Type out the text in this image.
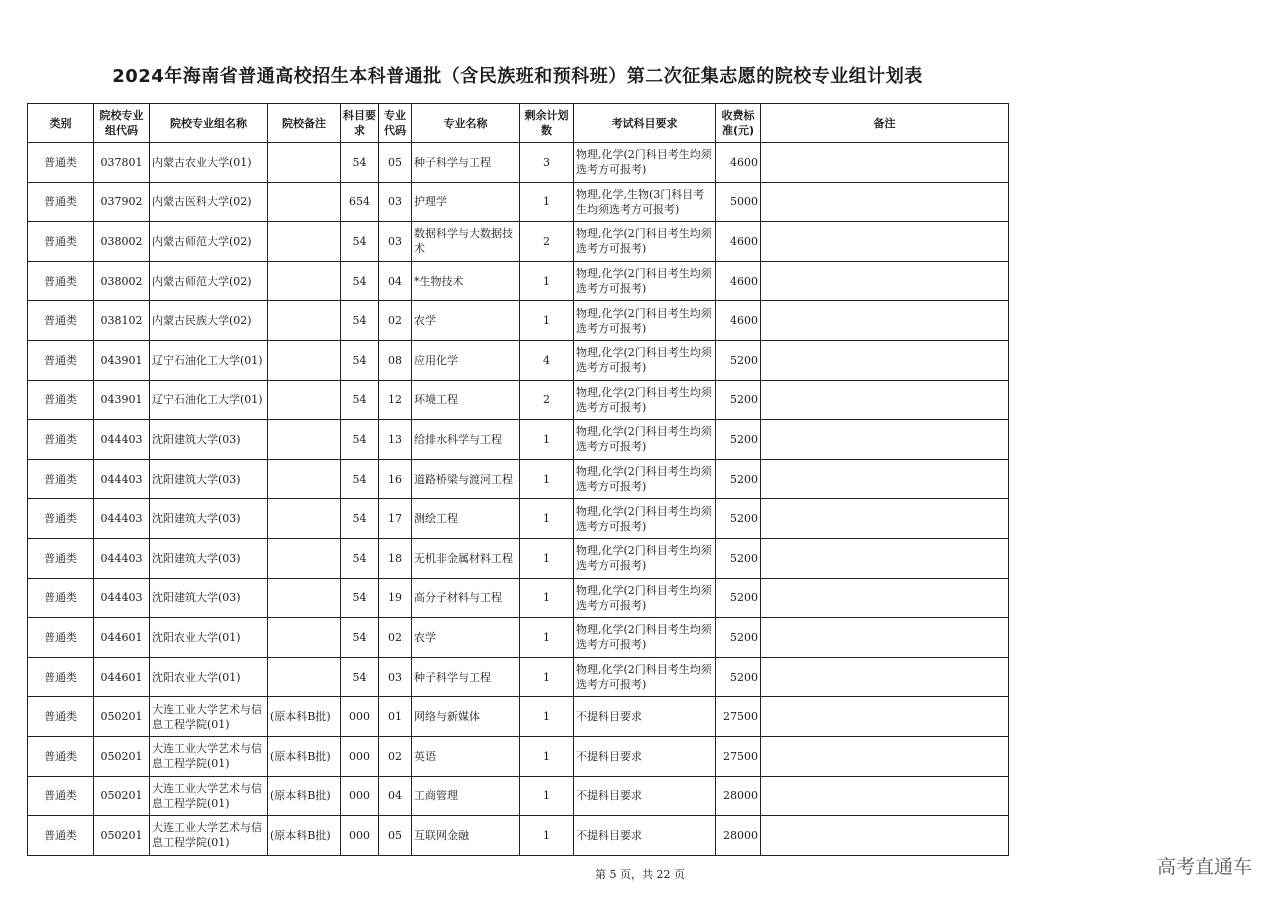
2024年海南省普通高校招生本科普通批（含民族班和预科班）第二次征集志愿的院校专业组计划表
类别	院校专业组代码	院校专业组名称	院校备注	科目要求	专业代码	专业名称	剩余计划数	考试科目要求	收费标准(元)	备注
普通类	037801	内蒙古农业大学(01)		54	05	种子科学与工程	3	物理,化学(2门科目考生均须选考方可报考)	4600	
普通类	037902	内蒙古医科大学(02)		654	03	护理学	1	物理,化学,生物(3门科目考生均须选考方可报考)	5000	
普通类	038002	内蒙古师范大学(02)		54	03	数据科学与大数据技术	2	物理,化学(2门科目考生均须选考方可报考)	4600	
普通类	038002	内蒙古师范大学(02)		54	04	*生物技术	1	物理,化学(2门科目考生均须选考方可报考)	4600	
普通类	038102	内蒙古民族大学(02)		54	02	农学	1	物理,化学(2门科目考生均须选考方可报考)	4600	
普通类	043901	辽宁石油化工大学(01)		54	08	应用化学	4	物理,化学(2门科目考生均须选考方可报考)	5200	
普通类	043901	辽宁石油化工大学(01)		54	12	环境工程	2	物理,化学(2门科目考生均须选考方可报考)	5200	
普通类	044403	沈阳建筑大学(03)		54	13	给排水科学与工程	1	物理,化学(2门科目考生均须选考方可报考)	5200	
普通类	044403	沈阳建筑大学(03)		54	16	道路桥梁与渡河工程	1	物理,化学(2门科目考生均须选考方可报考)	5200	
普通类	044403	沈阳建筑大学(03)		54	17	测绘工程	1	物理,化学(2门科目考生均须选考方可报考)	5200	
普通类	044403	沈阳建筑大学(03)		54	18	无机非金属材料工程	1	物理,化学(2门科目考生均须选考方可报考)	5200	
普通类	044403	沈阳建筑大学(03)		54	19	高分子材料与工程	1	物理,化学(2门科目考生均须选考方可报考)	5200	
普通类	044601	沈阳农业大学(01)		54	02	农学	1	物理,化学(2门科目考生均须选考方可报考)	5200	
普通类	044601	沈阳农业大学(01)		54	03	种子科学与工程	1	物理,化学(2门科目考生均须选考方可报考)	5200	
普通类	050201	大连工业大学艺术与信息工程学院(01)	(原本科B批)	000	01	网络与新媒体	1	不提科目要求	27500	
普通类	050201	大连工业大学艺术与信息工程学院(01)	(原本科B批)	000	02	英语	1	不提科目要求	27500	
普通类	050201	大连工业大学艺术与信息工程学院(01)	(原本科B批)	000	04	工商管理	1	不提科目要求	28000	
普通类	050201	大连工业大学艺术与信息工程学院(01)	(原本科B批)	000	05	互联网金融	1	不提科目要求	28000	
第 5 页，共 22 页	高考直通车
